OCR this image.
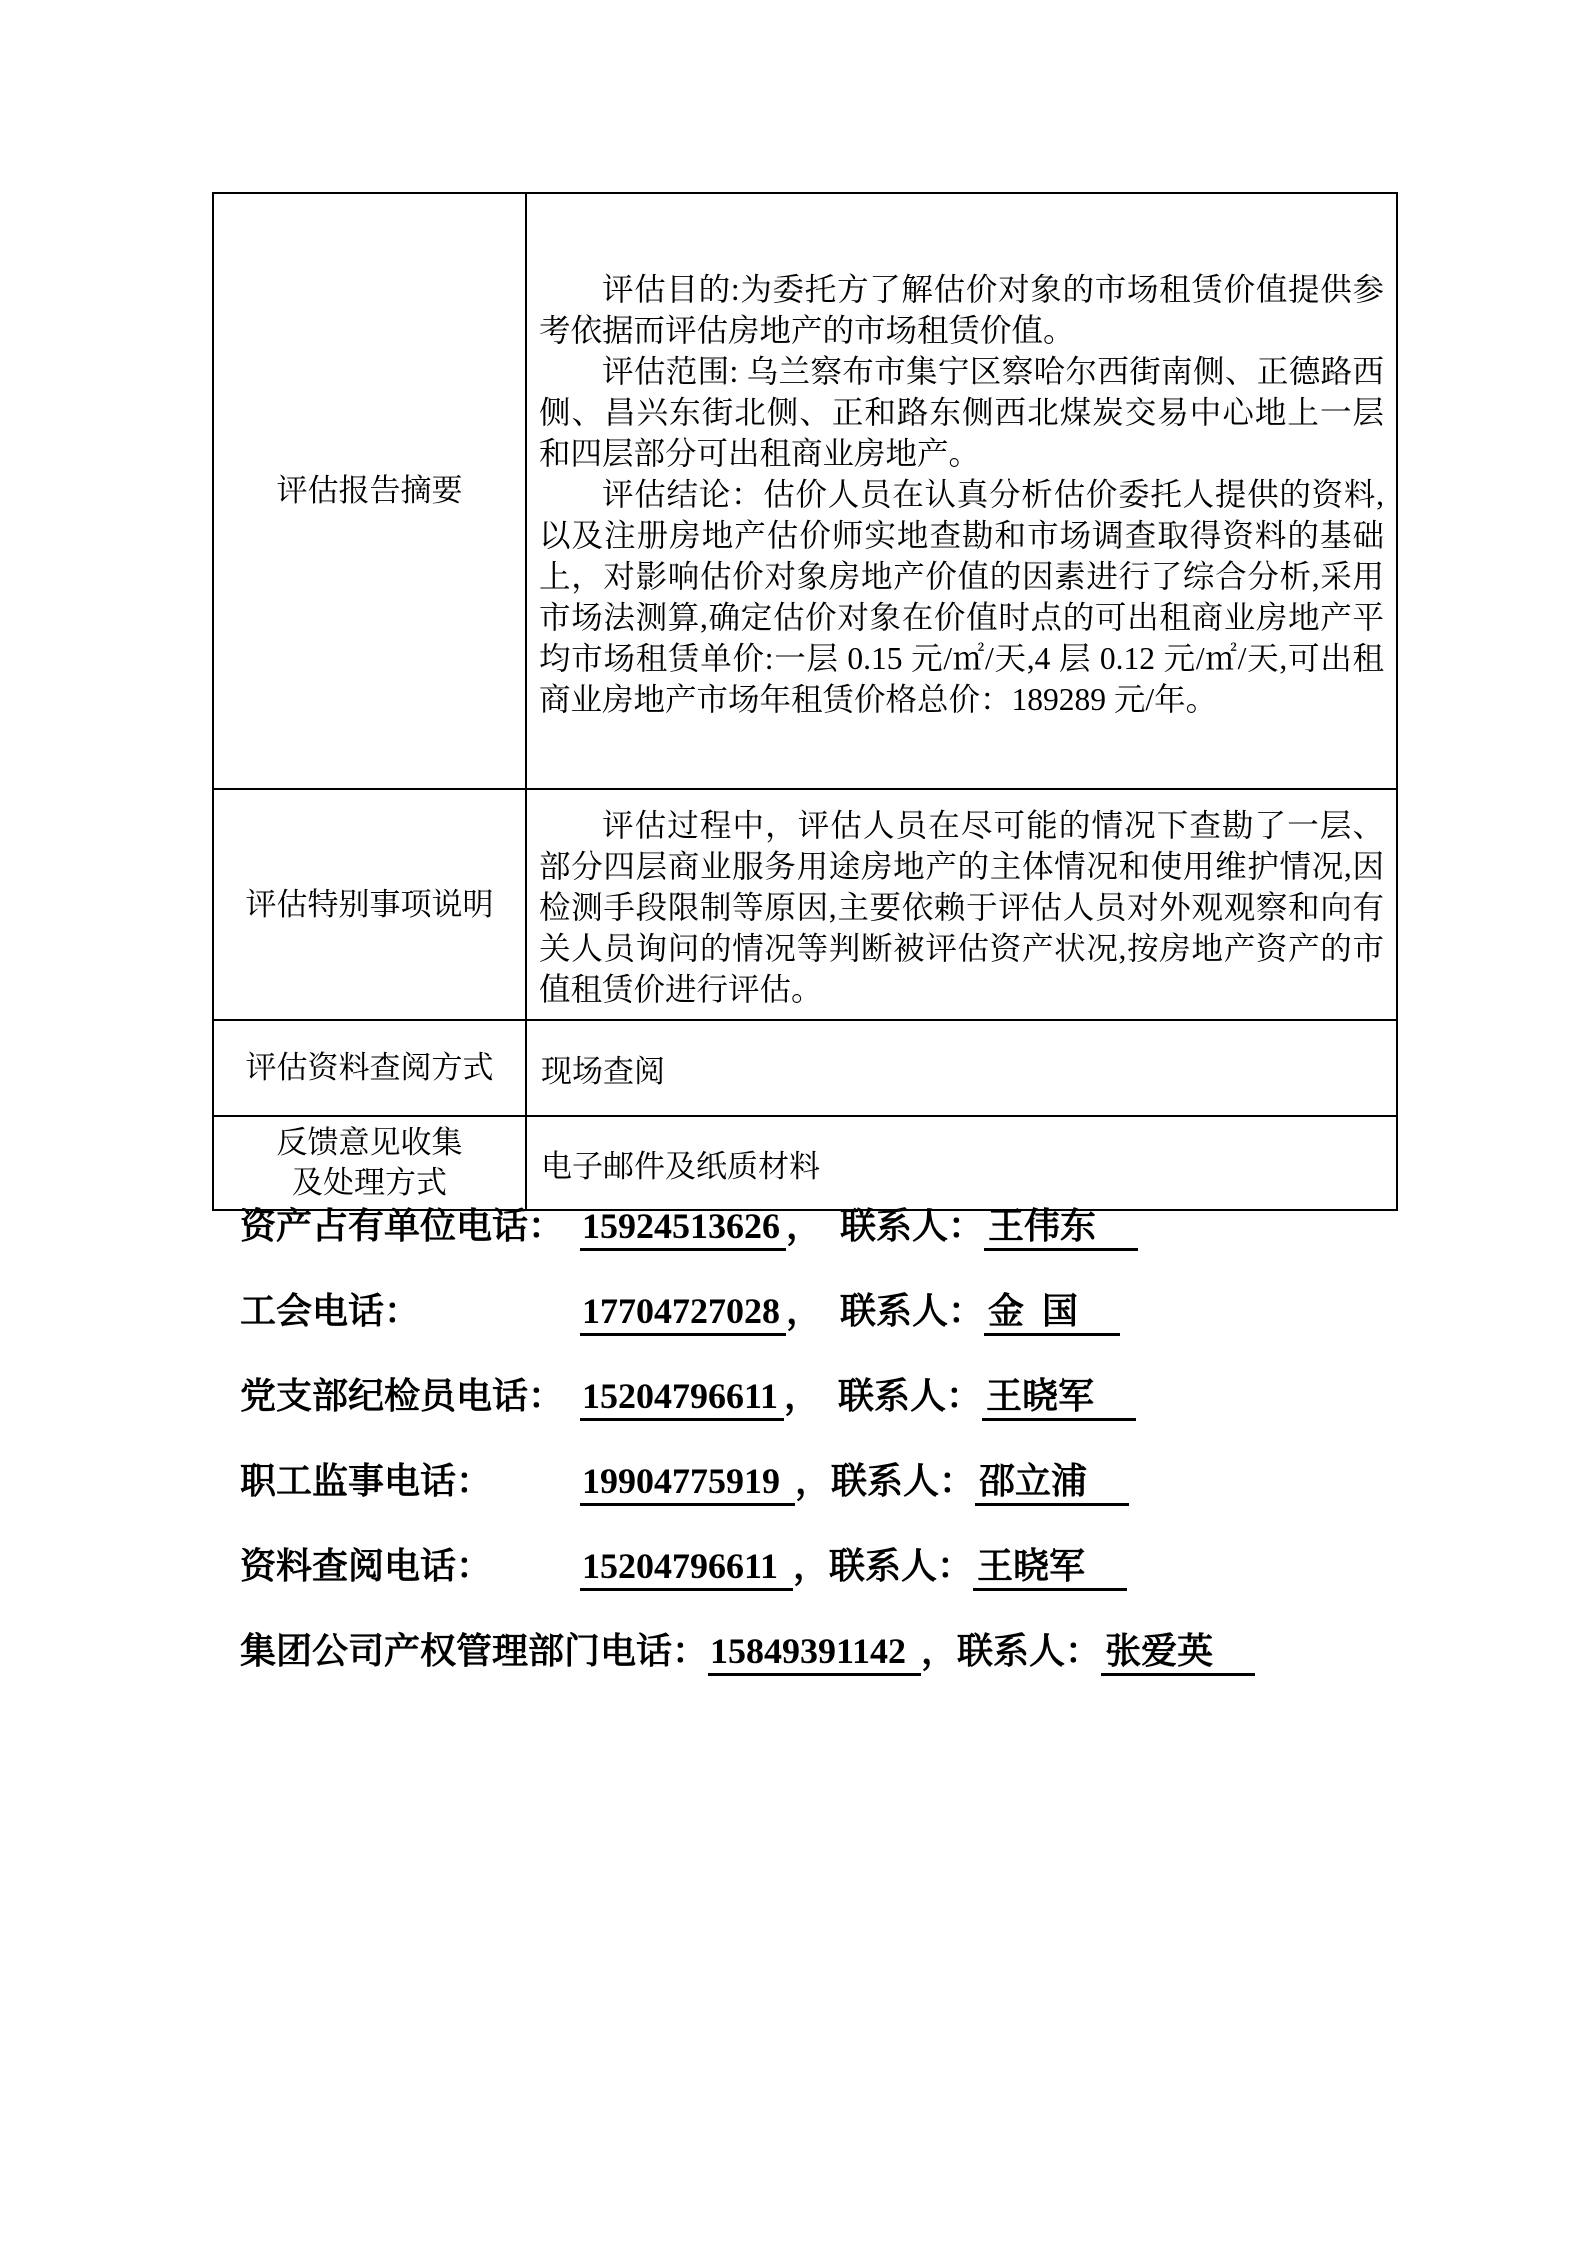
评估报告摘要	评估目的:为委托方了解估价对象的市场租赁价值提供参考依据而评估房地产的市场租赁价值。

评估范围: 乌兰察布市集宁区察哈尔西街南侧、正德路西侧、昌兴东街北侧、正和路东侧西北煤炭交易中心地上一层和四层部分可出租商业房地产。

评估结论：估价人员在认真分析估价委托人提供的资料,以及注册房地产估价师实地查勘和市场调查取得资料的基础上，对影响估价对象房地产价值的因素进行了综合分析,采用市场法测算,确定估价对象在价值时点的可出租商业房地产平均市场租赁单价:一层 0.15 元/㎡/天,4 层 0.12 元/㎡/天,可出租商业房地产市场年租赁价格总价：189289 元/年。

评估特别事项说明	评估过程中，评估人员在尽可能的情况下查勘了一层、部分四层商业服务用途房地产的主体情况和使用维护情况,因检测手段限制等原因,主要依赖于评估人员对外观观察和向有关人员询问的情况等判断被评估资产状况,按房地产资产的市值租赁价进行评估。

评估资料查阅方式	现场查阅

反馈意见收集
及处理方式	电子邮件及纸质材料
资产占有单位电话： 15924513626 ，  联系人： 王伟东
工会电话：	17704727028 ，  联系人： 金  国
党支部纪检员电话： 15204796611 ，  联系人： 王晓军
职工监事电话： 19904775919 ，联系人： 邵立浦
资料查阅电话： 15204796611 ，联系人： 王晓军
集团公司产权管理部门电话：15849391142 ，联系人： 张爱英
